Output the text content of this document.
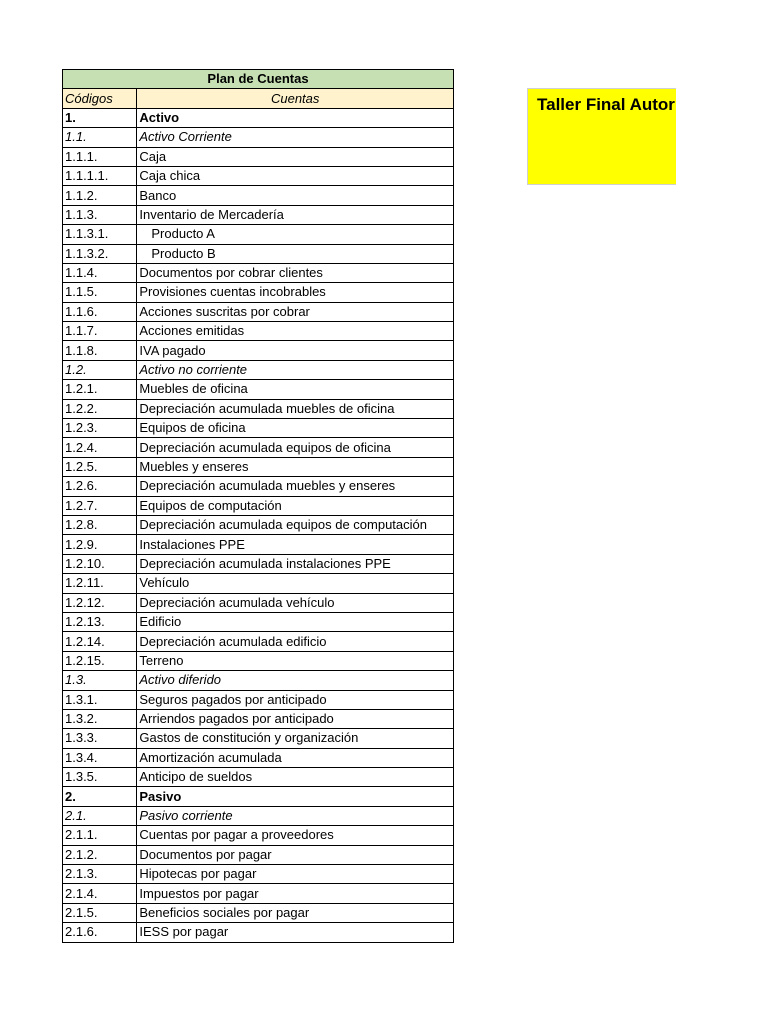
Plan de Cuentas	
Códigos	Cuentas
1.	Activo
1.1.	Activo Corriente
1.1.1.	Caja
1.1.1.1.	Caja chica
1.1.2.	Banco
1.1.3.	Inventario de Mercadería
1.1.3.1.	Producto A
1.1.3.2.	Producto B
1.1.4.	Documentos por cobrar clientes
1.1.5.	Provisiones cuentas incobrables
1.1.6.	Acciones suscritas por cobrar
1.1.7.	Acciones emitidas
1.1.8.	IVA pagado
1.2.	Activo no corriente
1.2.1.	Muebles de oficina
1.2.2.	Depreciación acumulada muebles de oficina
1.2.3.	Equipos de oficina
1.2.4.	Depreciación acumulada equipos de oficina
1.2.5.	Muebles y enseres
1.2.6.	Depreciación acumulada muebles y enseres
1.2.7.	Equipos de computación
1.2.8.	Depreciación acumulada equipos de computación
1.2.9.	Instalaciones PPE
1.2.10.	Depreciación acumulada instalaciones PPE
1.2.11.	Vehículo
1.2.12.	Depreciación acumulada vehículo
1.2.13.	Edificio
1.2.14.	Depreciación acumulada edificio
1.2.15.	Terreno
1.3.	Activo diferido
1.3.1.	Seguros pagados por anticipado
1.3.2.	Arriendos pagados por anticipado
1.3.3.	Gastos de constitución y organización
1.3.4.	Amortización acumulada
1.3.5.	Anticipo de sueldos
2.	Pasivo
2.1.	Pasivo corriente
2.1.1.	Cuentas por pagar a proveedores
2.1.2.	Documentos por pagar
2.1.3.	Hipotecas por pagar
2.1.4.	Impuestos por pagar
2.1.5.	Beneficios sociales por pagar
2.1.6.	IESS por pagar
Taller Final Autor
